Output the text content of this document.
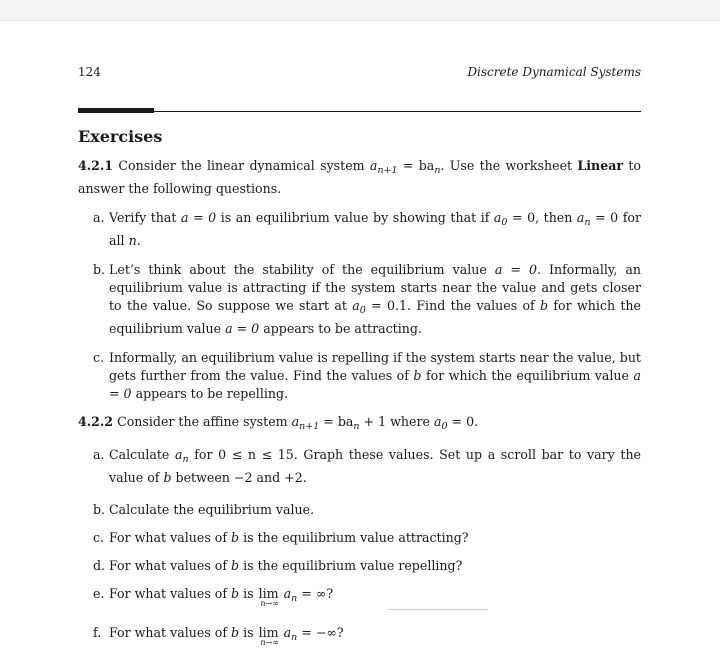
124	Discrete Dynamical Systems
Exercises

4.2.1 Consider the linear dynamical system $a_{n+1} = ba_n$. Use the worksheet Linear to answer the following questions.

a. Verify that a = 0 is an equilibrium value by showing that if $a_0 = 0$, then $a_n = 0$ for all n.
b. Let’s think about the stability of the equilibrium value a = 0. Informally, an equilibrium value is attracting if the system starts near the value and gets closer to the value. So suppose we start at $a_0 = 0.1$. Find the values of b for which the equilibrium value a = 0 appears to be attracting.
c. Informally, an equilibrium value is repelling if the system starts near the value, but gets further from the value. Find the values of b for which the equilibrium value a = 0 appears to be repelling.

4.2.2 Consider the affine system $a_{n+1} = ba_n + 1$ where $a_0 = 0$.

a. Calculate $a_n$ for 0 ≤ n ≤ 15. Graph these values. Set up a scroll bar to vary the value of b between −2 and +2.
b. Calculate the equilibrium value.
c. For what values of b is the equilibrium value attracting?
d. For what values of b is the equilibrium value repelling?
e. For what values of b is lim
n→∞
$a_n$ = ∞?
f. For what values of b is lim
n→∞
$a_n$ = −∞?
